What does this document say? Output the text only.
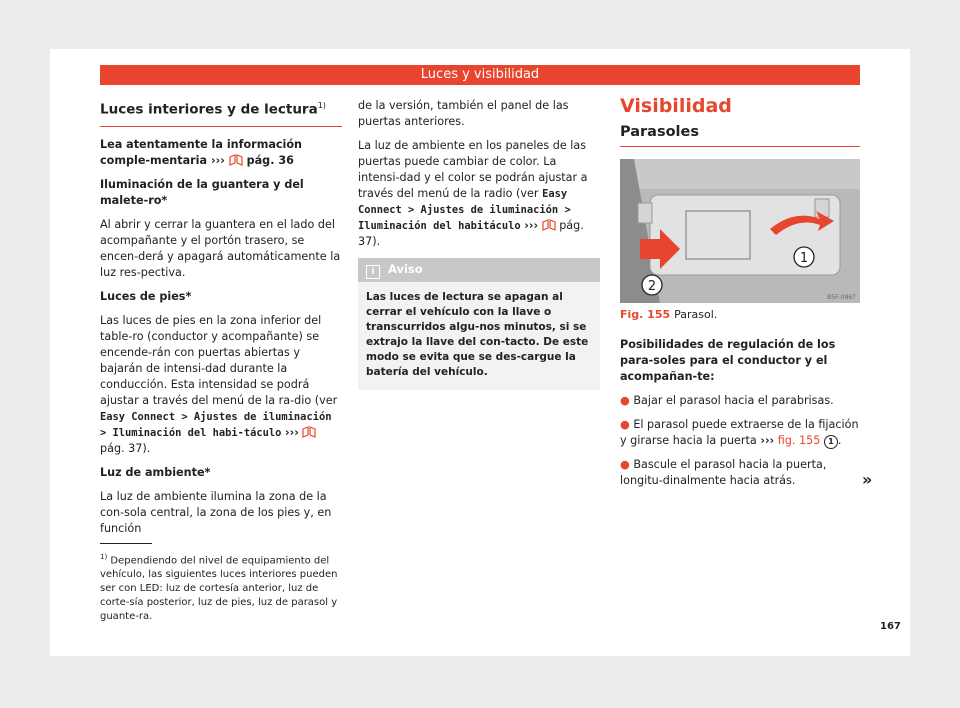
Luces y visibilidad
Luces interiores y de lectura$^{1)}$

Lea atentamente la información comple-mentaria ››› pág. 36

Iluminación de la guantera y del malete-ro*

Al abrir y cerrar la guantera en el lado del acompañante y el portón trasero, se encen-derá y apagará automáticamente la luz res-pectiva.

Luces de pies*

Las luces de pies en la zona inferior del table-ro (conductor y acompañante) se encende-rán con puertas abiertas y bajarán de intensi-dad durante la conducción. Esta intensidad se podrá ajustar a través del menú de la ra-dio (ver Easy Connect > Ajustes de iluminación > Iluminación del habi-táculo ›››  pág. 37).

Luz de ambiente*

La luz de ambiente ilumina la zona de la con-sola central, la zona de los pies y, en función

de la versión, también el panel de las puertas anteriores.

La luz de ambiente en los paneles de las puertas puede cambiar de color. La intensi-dad y el color se podrán ajustar a través del menú de la radio (ver Easy Connect > Ajustes de iluminación > Iluminación del habitáculo ››› pág. 37).

i Aviso
Las luces de lectura se apagan al cerrar el vehículo con la llave o transcurridos algu-nos minutos, si se extrajo la llave del con-tacto. De este modo se evita que se des-cargue la batería del vehículo.
Visibilidad
Parasoles
1
2
B5F-0967
Fig. 155 Parasol.

Posibilidades de regulación de los para-soles para el conductor y el acompañan-te:

● Bajar el parasol hacia el parabrisas.

● El parasol puede extraerse de la fijación y girarse hacia la puerta ››› fig. 155 1 .

● Bascule el parasol hacia la puerta, longitu-dinalmente hacia atrás.	»
$^{1)}$ Dependiendo del nivel de equipamiento del vehículo, las siguientes luces interiores pueden ser con LED: luz de cortesía anterior, luz de corte-sía posterior, luz de pies, luz de parasol y guante-ra.
167
